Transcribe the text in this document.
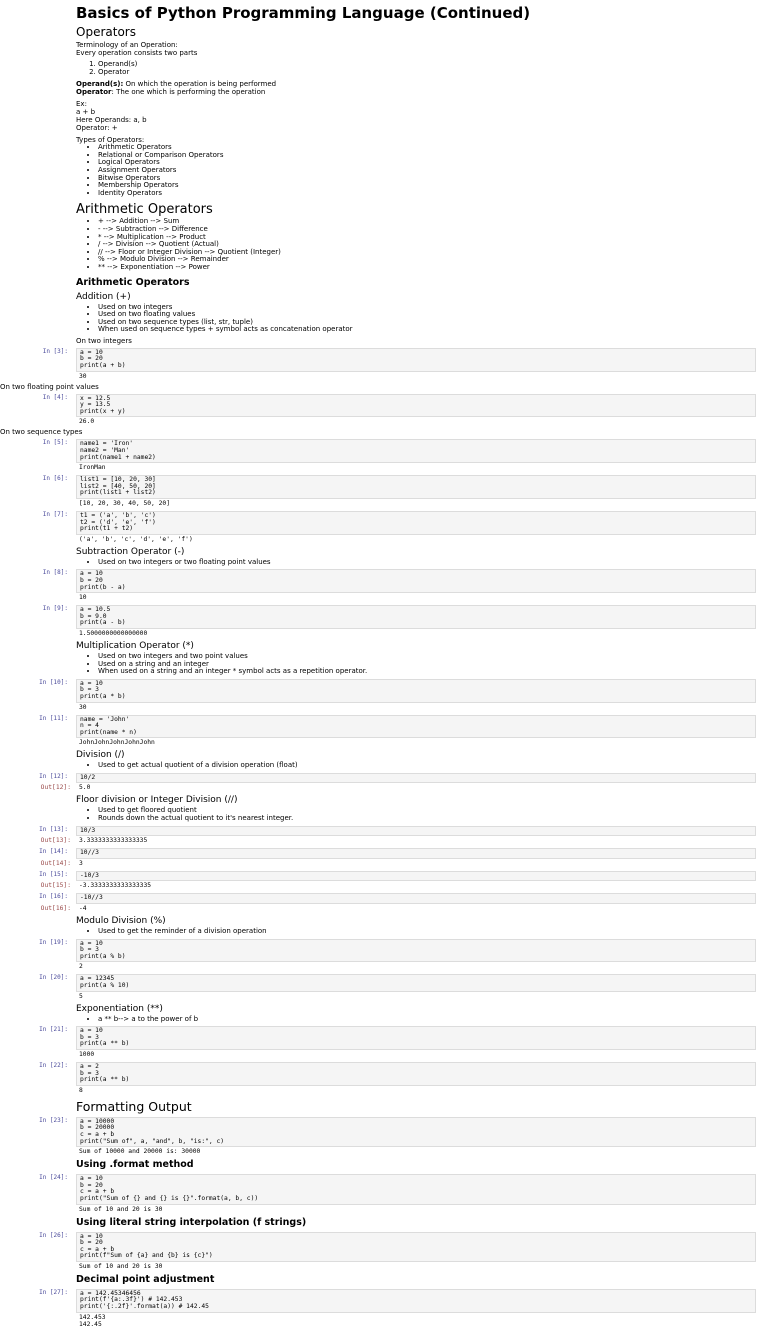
Basics of Python Programming Language (Continued)
Operators

Terminology of an Operation:

Every operation consists two parts

1. Operand(s)
2. Operator

Operand(s): On which the operation is being performed

Operator: The one which is performing the operation

Ex:

a + b

Here Operands: a, b

Operator: +

Types of Operators:

• Arithmetic Operators
• Relational or Comparison Operators
• Logical Operators
• Assignment Operators
• Bitwise Operators
• Membership Operators
• Identity Operators
Arithmetic Operators
• + --> Addition --> Sum
• - --> Subtraction --> Difference
• * --> Multiplication --> Product
• / --> Division --> Quotient (Actual)
• // --> Floor or Integer Division --> Quotient (Integer)
• % --> Modulo Division --> Remainder
• ** --> Exponentiation --> Power
Arithmetic Operators
Addition (+)
• Used on two integers
• Used on two floating values
• Used on two sequence types (list, str, tuple)
• When used on sequence types + symbol acts as concatenation operator

On two integers

In [3]:	a = 10
b = 20
print(a + b)
30

On two floating point values

In [4]:	x = 12.5
y = 13.5
print(x + y)
26.0

On two sequence types

In [5]:	name1 = 'Iron'
name2 = 'Man'
print(name1 + name2)
IronMan
In [6]:	list1 = [10, 20, 30]
list2 = [40, 50, 20]
print(list1 + list2)
[10, 20, 30, 40, 50, 20]
In [7]:	t1 = ('a', 'b', 'c')
t2 = ('d', 'e', 'f')
print(t1 + t2)
('a', 'b', 'c', 'd', 'e', 'f')
Subtraction Operator (-)
• Used on two integers or two floating point values
In [8]:	a = 10
b = 20
print(b - a)
10
In [9]:	a = 10.5
b = 9.0
print(a - b)
1.5000000000000000
Multiplication Operator (*)
• Used on two integers and two point values
• Used on a string and an integer
• When used on a string and an integer * symbol acts as a repetition operator.
In [10]:	a = 10
b = 3
print(a * b)
30
In [11]:	name = 'John'
n = 4
print(name * n)
JohnJohnJohnJohnJohn
Division (/)
• Used to get actual quotient of a division operation (float)
In [12]:	10/2
Out[12]:	5.0
Floor division or Integer Division (//)
• Used to get floored quotient
• Rounds down the actual quotient to it's nearest integer.
In [13]:	10/3
Out[13]:	3.3333333333333335
In [14]:	10//3
Out[14]:	3
In [15]:	-10/3
Out[15]:	-3.3333333333333335
In [16]:	-10//3
Out[16]:	-4
Modulo Division (%)
• Used to get the reminder of a division operation
In [19]:	a = 10
b = 3
print(a % b)
2
In [20]:	a = 12345
print(a % 10)
5
Exponentiation (**)
• a ** b--> a to the power of b
In [21]:	a = 10
b = 3
print(a ** b)
1000
In [22]:	a = 2
b = 3
print(a ** b)
8
Formatting Output
In [23]:	a = 10000
b = 20000
c = a + b
print("Sum of", a, "and", b, "is:", c)
Sum of 10000 and 20000 is: 30000
Using .format method
In [24]:	a = 10
b = 20
c = a + b
print("Sum of {} and {} is {}".format(a, b, c))
Sum of 10 and 20 is 30
Using literal string interpolation (f strings)
In [26]:	a = 10
b = 20
c = a + b
print(f"Sum of {a} and {b} is {c}")
Sum of 10 and 20 is 30
Decimal point adjustment
In [27]:	a = 142.45346456
print(f'{a:.3f}') # 142.453
print('{:.2f}'.format(a)) # 142.45
142.453
142.45
